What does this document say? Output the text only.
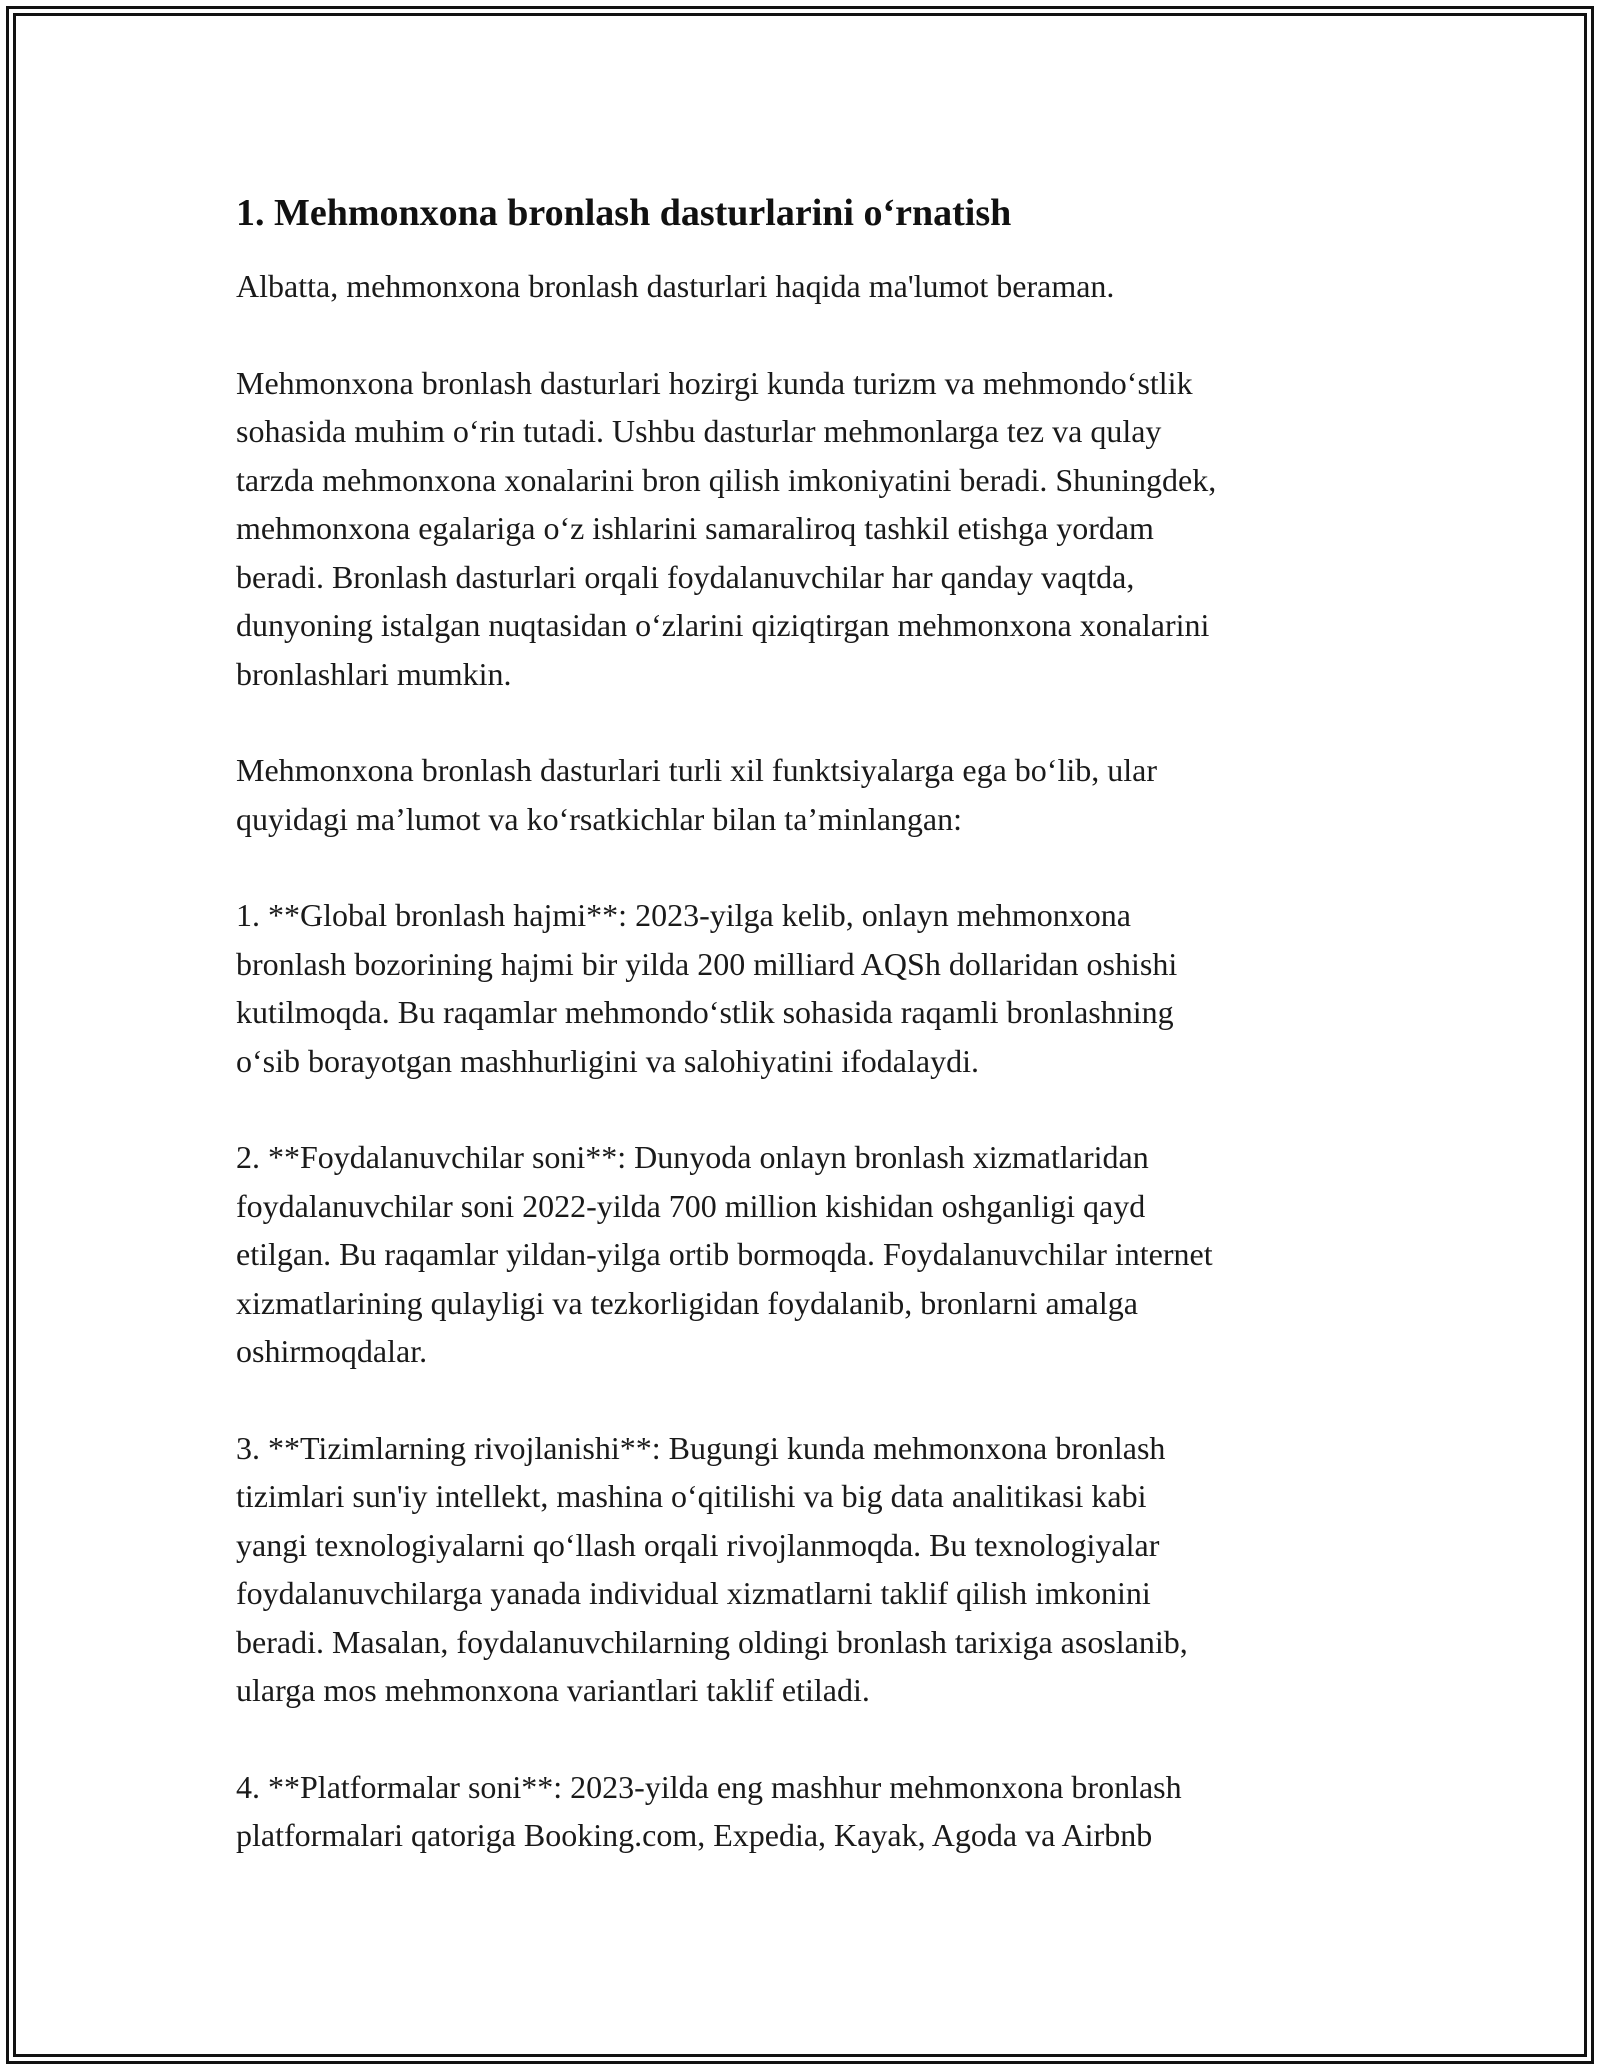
1. Mehmonxona bronlash dasturlarini o‘rnatish

Albatta, mehmonxona bronlash dasturlari haqida ma'lumot beraman.

Mehmonxona bronlash dasturlari hozirgi kunda turizm va mehmondo‘stlik
sohasida muhim o‘rin tutadi. Ushbu dasturlar mehmonlarga tez va qulay
tarzda mehmonxona xonalarini bron qilish imkoniyatini beradi. Shuningdek,
mehmonxona egalariga o‘z ishlarini samaraliroq tashkil etishga yordam
beradi. Bronlash dasturlari orqali foydalanuvchilar har qanday vaqtda,
dunyoning istalgan nuqtasidan o‘zlarini qiziqtirgan mehmonxona xonalarini
bronlashlari mumkin.

Mehmonxona bronlash dasturlari turli xil funktsiyalarga ega bo‘lib, ular
quyidagi ma’lumot va ko‘rsatkichlar bilan ta’minlangan:

1. **Global bronlash hajmi**: 2023-yilga kelib, onlayn mehmonxona
bronlash bozorining hajmi bir yilda 200 milliard AQSh dollaridan oshishi
kutilmoqda. Bu raqamlar mehmondo‘stlik sohasida raqamli bronlashning
o‘sib borayotgan mashhurligini va salohiyatini ifodalaydi.

2. **Foydalanuvchilar soni**: Dunyoda onlayn bronlash xizmatlaridan
foydalanuvchilar soni 2022-yilda 700 million kishidan oshganligi qayd
etilgan. Bu raqamlar yildan-yilga ortib bormoqda. Foydalanuvchilar internet
xizmatlarining qulayligi va tezkorligidan foydalanib, bronlarni amalga
oshirmoqdalar.

3. **Tizimlarning rivojlanishi**: Bugungi kunda mehmonxona bronlash
tizimlari sun'iy intellekt, mashina o‘qitilishi va big data analitikasi kabi
yangi texnologiyalarni qo‘llash orqali rivojlanmoqda. Bu texnologiyalar
foydalanuvchilarga yanada individual xizmatlarni taklif qilish imkonini
beradi. Masalan, foydalanuvchilarning oldingi bronlash tarixiga asoslanib,
ularga mos mehmonxona variantlari taklif etiladi.

4. **Platformalar soni**: 2023-yilda eng mashhur mehmonxona bronlash
platformalari qatoriga Booking.com, Expedia, Kayak, Agoda va Airbnb
